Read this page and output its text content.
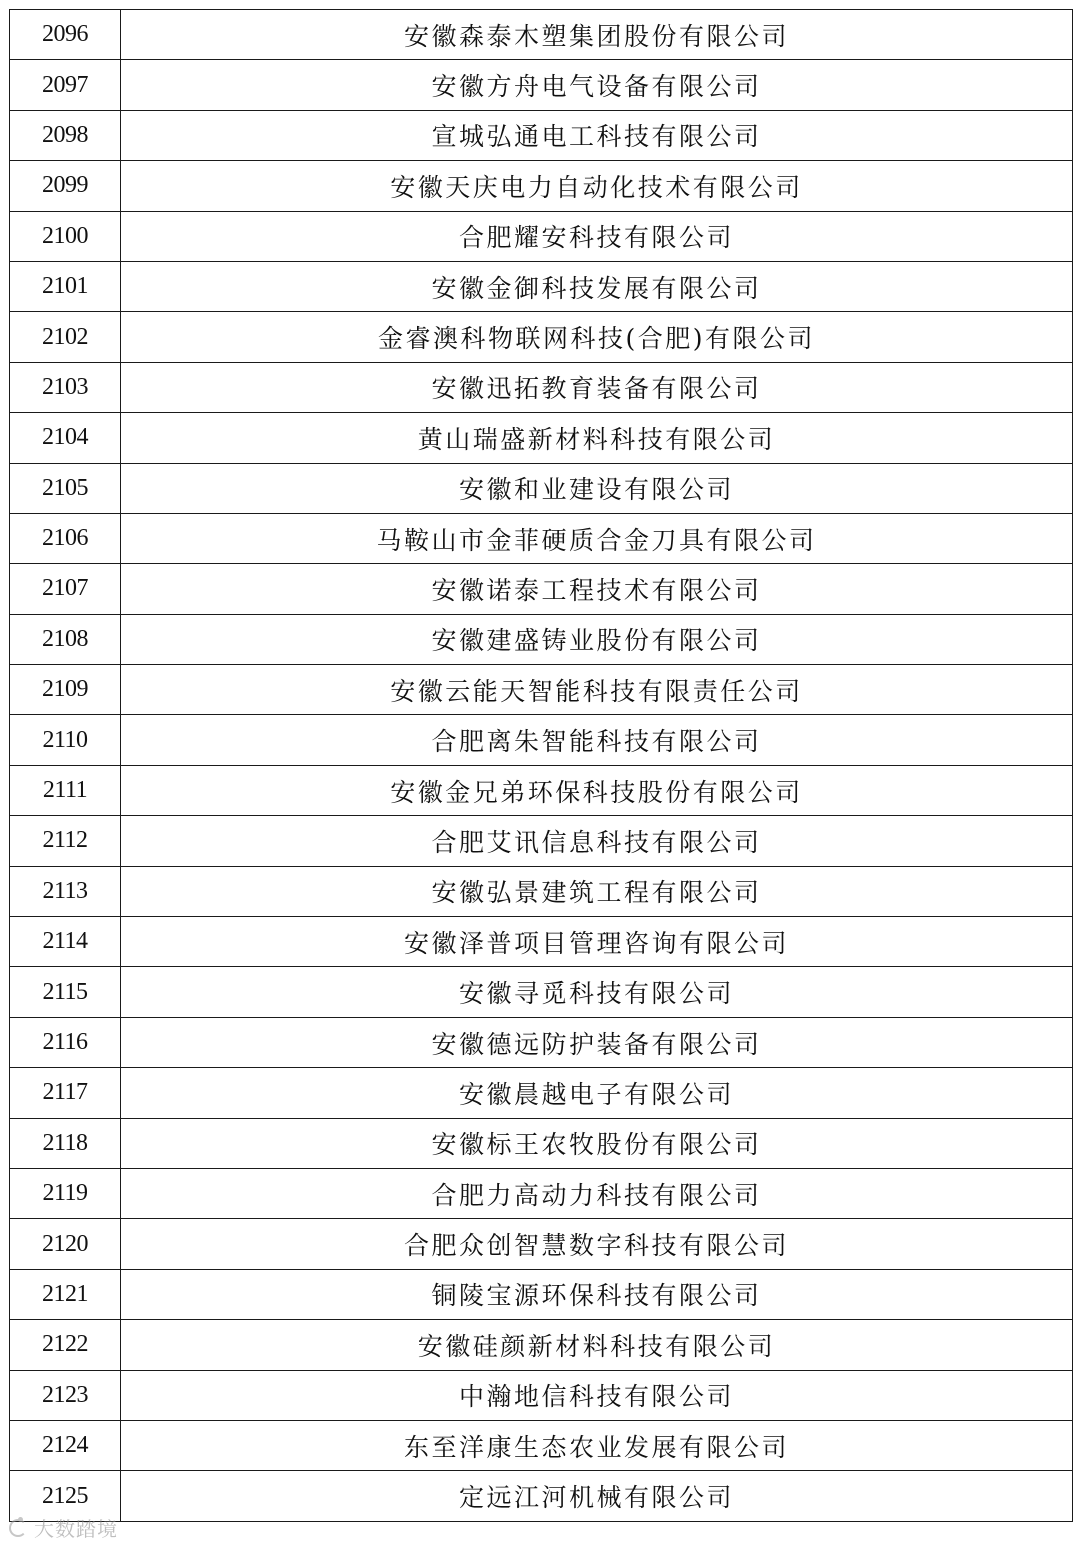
2096	安徽森泰木塑集团股份有限公司
2097	安徽方舟电气设备有限公司
2098	宣城弘通电工科技有限公司
2099	安徽天庆电力自动化技术有限公司
2100	合肥耀安科技有限公司
2101	安徽金御科技发展有限公司
2102	金睿澳科物联网科技(合肥)有限公司
2103	安徽迅拓教育装备有限公司
2104	黄山瑞盛新材料科技有限公司
2105	安徽和业建设有限公司
2106	马鞍山市金菲硬质合金刀具有限公司
2107	安徽诺泰工程技术有限公司
2108	安徽建盛铸业股份有限公司
2109	安徽云能天智能科技有限责任公司
2110	合肥离朱智能科技有限公司
2111	安徽金兄弟环保科技股份有限公司
2112	合肥艾讯信息科技有限公司
2113	安徽弘景建筑工程有限公司
2114	安徽泽普项目管理咨询有限公司
2115	安徽寻觅科技有限公司
2116	安徽德远防护装备有限公司
2117	安徽晨越电子有限公司
2118	安徽标王农牧股份有限公司
2119	合肥力高动力科技有限公司
2120	合肥众创智慧数字科技有限公司
2121	铜陵宝源环保科技有限公司
2122	安徽硅颜新材料科技有限公司
2123	中瀚地信科技有限公司
2124	东至洋康生态农业发展有限公司
2125	定远江河机械有限公司
大数踏境
